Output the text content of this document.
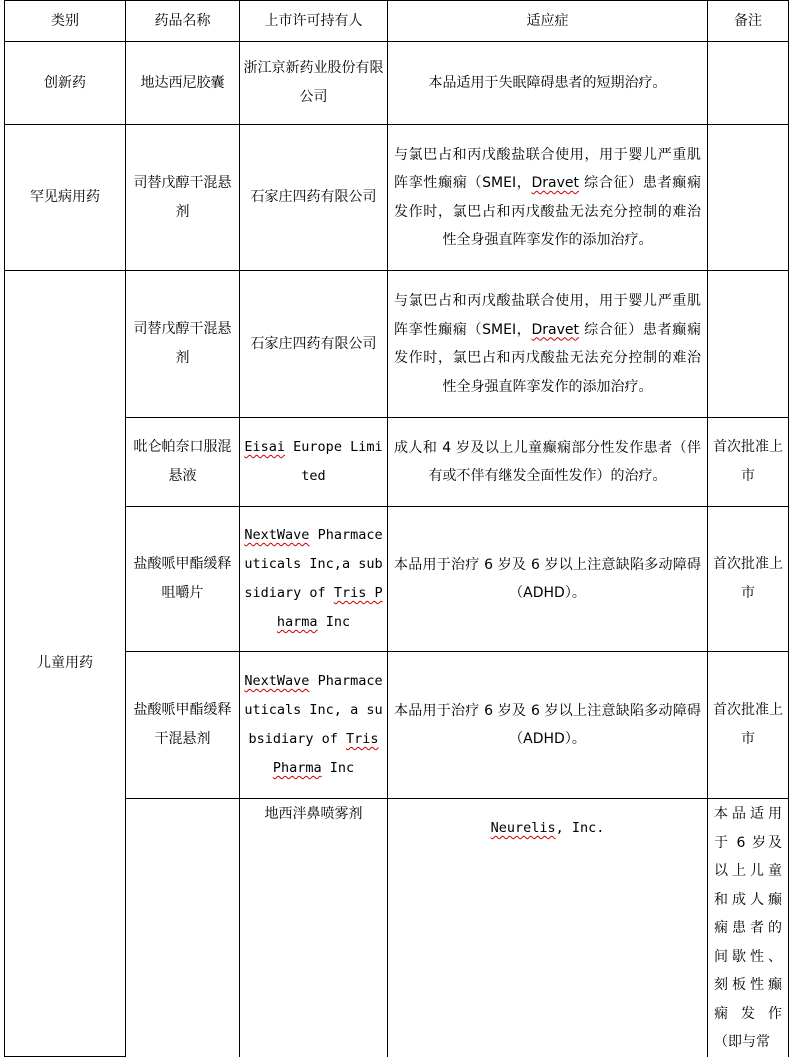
类别	药品名称	上市许可持有人	适应症	备注	
创新药	地达西尼胶囊	浙江京新药业股份有限公司	本品适用于失眠障碍患者的短期治疗。		
罕见病用药	司替戊醇干混悬剂	石家庄四药有限公司	与氯巴占和丙戊酸盐联合使用，用于婴儿严重肌阵挛性癫痫（SMEI，Dravet 综合征）患者癫痫发作时，氯巴占和丙戊酸盐无法充分控制的难治性全身强直阵挛发作的添加治疗。		
儿童用药	司替戊醇干混悬剂	石家庄四药有限公司	与氯巴占和丙戊酸盐联合使用，用于婴儿严重肌阵挛性癫痫（SMEI，Dravet 综合征）患者癫痫发作时，氯巴占和丙戊酸盐无法充分控制的难治性全身强直阵挛发作的添加治疗。		
	吡仑帕奈口服混悬液	Eisai Europe Limited	成人和 4 岁及以上儿童癫痫部分性发作患者（伴有或不伴有继发全面性发作）的治疗。	首次批准上市	
	盐酸哌甲酯缓释咀嚼片	NextWave Pharmaceuticals Inc,a subsidiary of Tris Pharma Inc	本品用于治疗 6 岁及 6 岁以上注意缺陷多动障碍（ADHD）。	首次批准上市	
	盐酸哌甲酯缓释干混悬剂	NextWave Pharmaceuticals Inc, a subsidiary of Tris Pharma Inc	本品用于治疗 6 岁及 6 岁以上注意缺陷多动障碍（ADHD）。	首次批准上市	
		地西泮鼻喷雾剂	Neurelis, Inc.	本品适用于 6 岁及以上儿童和成人癫痫患者的间歇性、刻板性癫痫发作（即与常	
